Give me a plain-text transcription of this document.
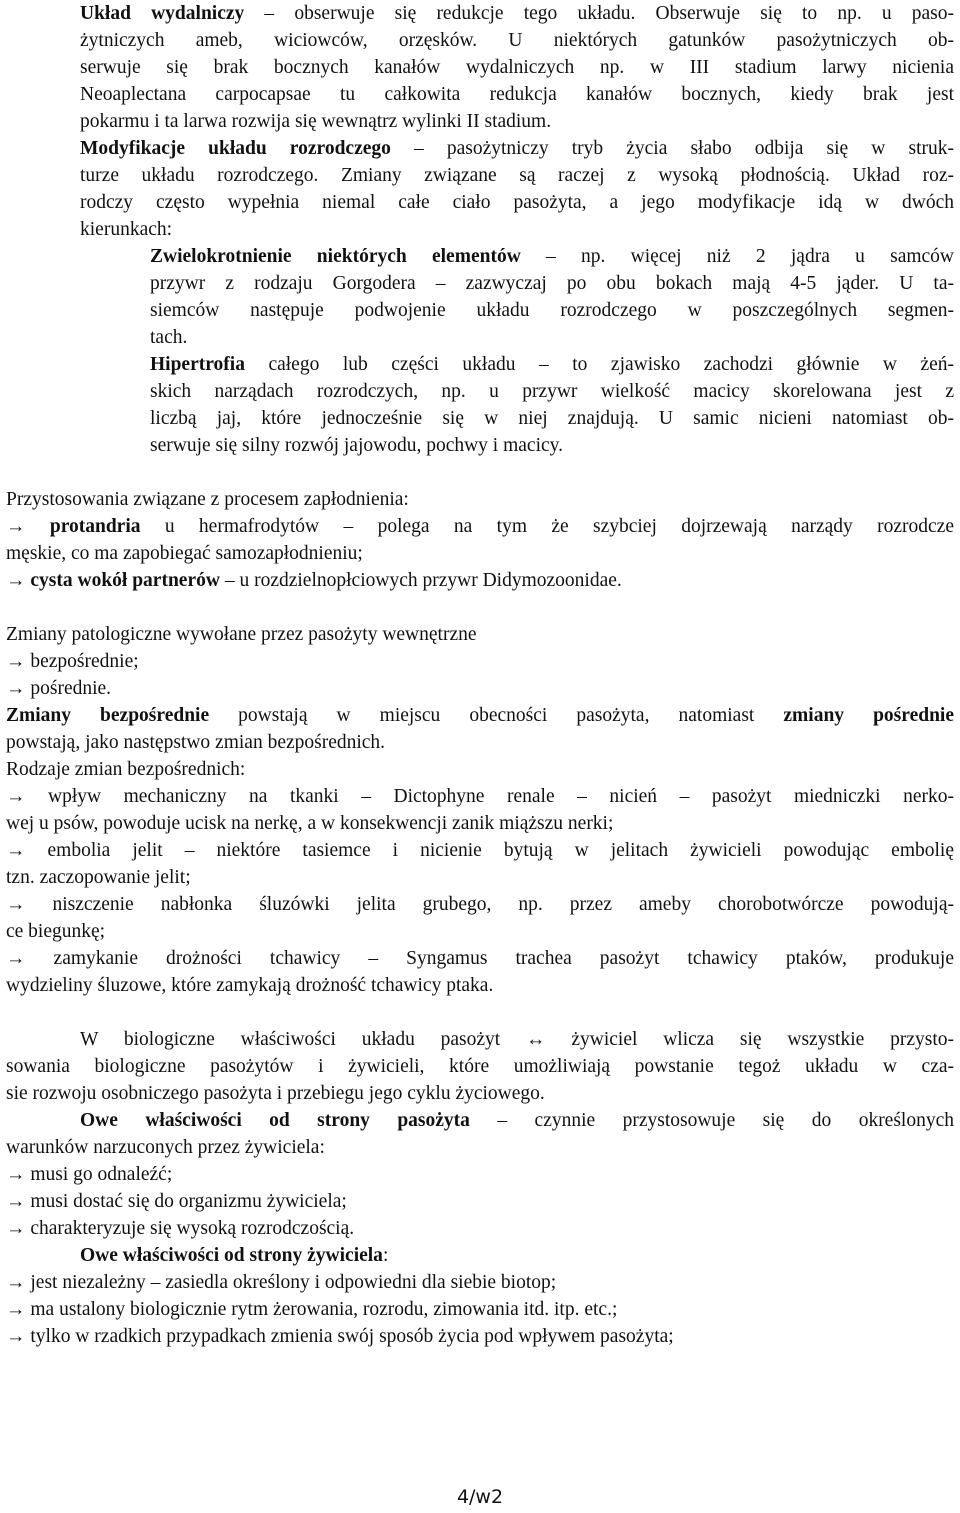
Układ wydalniczy – obserwuje się redukcje tego układu. Obserwuje się to np. u paso-
żytniczych ameb, wiciowców, orzęsków. U niektórych gatunków pasożytniczych ob-
serwuje się brak bocznych kanałów wydalniczych np. w III stadium larwy nicienia
Neoaplectana carpocapsae tu całkowita redukcja kanałów bocznych, kiedy brak jest
pokarmu i ta larwa rozwija się wewnątrz wylinki II stadium.
Modyfikacje układu rozrodczego – pasożytniczy tryb życia słabo odbija się w struk-
turze układu rozrodczego. Zmiany związane są raczej z wysoką płodnością. Układ roz-
rodczy często wypełnia niemal całe ciało pasożyta, a jego modyfikacje idą w dwóch
kierunkach:
Zwielokrotnienie niektórych elementów – np. więcej niż 2 jądra u samców
przywr z rodzaju Gorgodera – zazwyczaj po obu bokach mają 4-5 jąder. U ta-
siemców następuje podwojenie układu rozrodczego w poszczególnych segmen-
tach.
Hipertrofia całego lub części układu – to zjawisko zachodzi głównie w żeń-
skich narządach rozrodczych, np. u przywr wielkość macicy skorelowana jest z
liczbą jaj, które jednocześnie się w niej znajdują. U samic nicieni natomiast ob-
serwuje się silny rozwój jajowodu, pochwy i macicy.
Przystosowania związane z procesem zapłodnienia:
→ protandria u hermafrodytów – polega na tym że szybciej dojrzewają narządy rozrodcze
męskie, co ma zapobiegać samozapłodnieniu;
→ cysta wokół partnerów – u rozdzielnopłciowych przywr Didymozoonidae.
Zmiany patologiczne wywołane przez pasożyty wewnętrzne
→ bezpośrednie;
→ pośrednie.
Zmiany bezpośrednie powstają w miejscu obecności pasożyta, natomiast zmiany pośrednie
powstają, jako następstwo zmian bezpośrednich.
Rodzaje zmian bezpośrednich:
→ wpływ mechaniczny na tkanki – Dictophyne renale – nicień – pasożyt miedniczki nerko-
wej u psów, powoduje ucisk na nerkę, a w konsekwencji zanik miąższu nerki;
→ embolia jelit – niektóre tasiemce i nicienie bytują w jelitach żywicieli powodując embolię
tzn. zaczopowanie jelit;
→ niszczenie nabłonka śluzówki jelita grubego, np. przez ameby chorobotwórcze powodują-
ce biegunkę;
→ zamykanie drożności tchawicy – Syngamus trachea pasożyt tchawicy ptaków, produkuje
wydzieliny śluzowe, które zamykają drożność tchawicy ptaka.
W biologiczne właściwości układu pasożyt ↔ żywiciel wlicza się wszystkie przysto-
sowania biologiczne pasożytów i żywicieli, które umożliwiają powstanie tegoż układu w cza-
sie rozwoju osobniczego pasożyta i przebiegu jego cyklu życiowego.
Owe właściwości od strony pasożyta – czynnie przystosowuje się do określonych
warunków narzuconych przez żywiciela:
→ musi go odnaleźć;
→ musi dostać się do organizmu żywiciela;
→ charakteryzuje się wysoką rozrodczością.
Owe właściwości od strony żywiciela:
→ jest niezależny – zasiedla określony i odpowiedni dla siebie biotop;
→ ma ustalony biologicznie rytm żerowania, rozrodu, zimowania itd. itp. etc.;
→ tylko w rzadkich przypadkach zmienia swój sposób życia pod wpływem pasożyta;
4/w2
